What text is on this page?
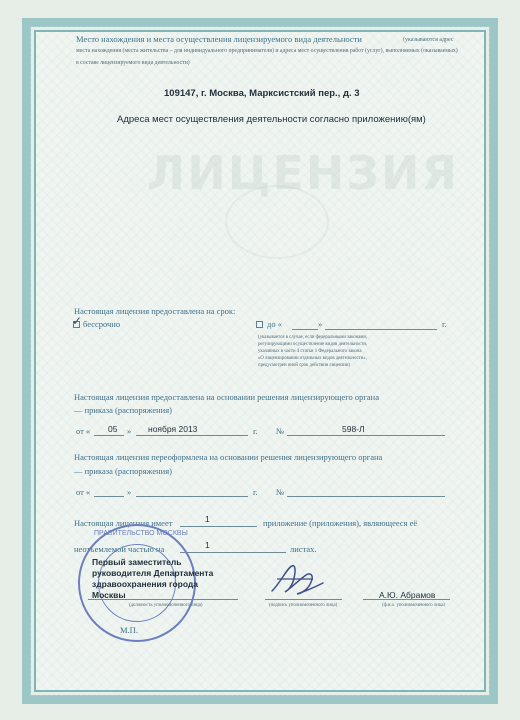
ЛИЦЕНЗИЯ
Место нахождения и места осуществления лицензируемого вида деятельности	(указываются адрес
места нахождения (места жительства – для индивидуального предпринимателя) и адреса мест осуществления работ (услуг), выполняемых (оказываемых)
в составе лицензируемого вида деятельности)
109147, г. Москва, Марксистский пер., д. 3
Адреса мест осуществления деятельности согласно приложению(ям)
Настоящая лицензия предоставлена на срок:
бессрочно
✓	до «	»	г.
(указывается в случае, если федеральными законами,
регулирующими осуществление видов деятельности,
указанных в части 4 статьи 1 Федерального закона
«О лицензировании отдельных видов деятельности»,
предусмотрен иной срок действия лицензии)
Настоящая лицензия предоставлена на основании решения лицензирующего органа
— приказа (распоряжения)
от « 05 » ноября 2013	г. №	598-Л
Настоящая лицензия переоформлена на основании решения лицензирующего органа
— приказа (распоряжения)
от «	»	г. №
Настоящая лицензия имеет	1	приложение (приложения), являющееся её
неотъемлемой частью на	1	листах.
ПРАВИТЕЛЬСТВО МОСКВЫ
Первый заместитель
руководителя Департамента
здравоохранения города
Москвы
(должность уполномоченного лица)	(подпись уполномоченного лица)
А.Ю. Абрамов
(ф.и.о. уполномоченного лица)
М.П.
